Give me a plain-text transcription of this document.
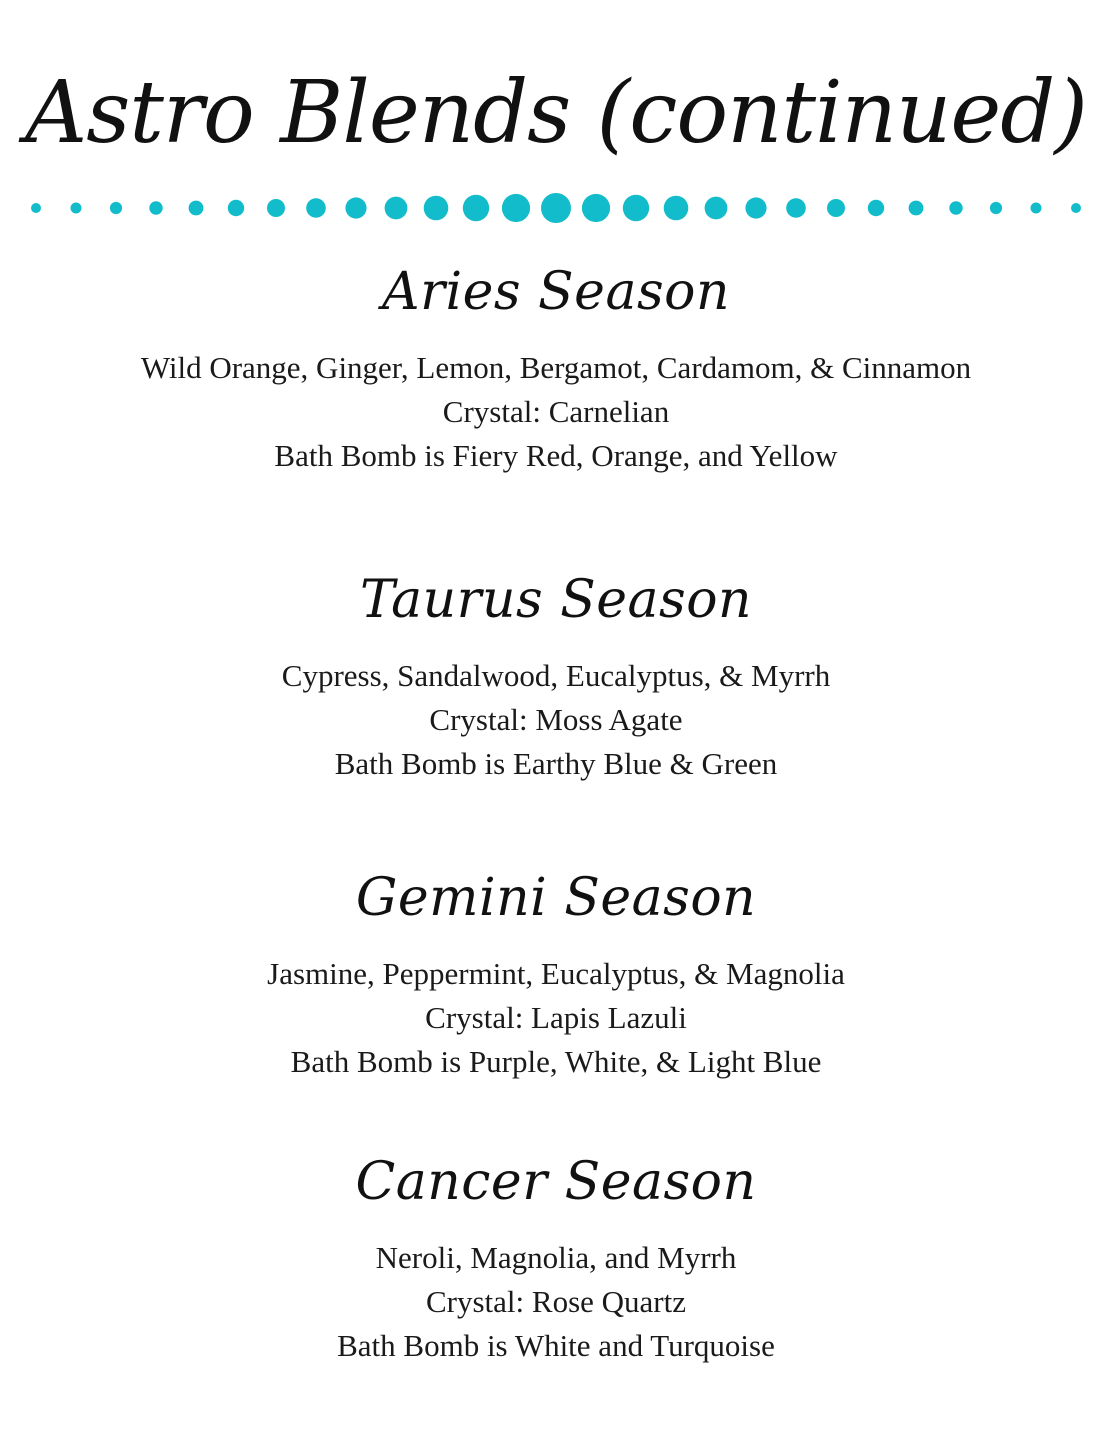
Astro Blends (continued)
Aries Season
Wild Orange, Ginger, Lemon, Bergamot, Cardamom, & Cinnamon
Crystal: Carnelian
Bath Bomb is Fiery Red, Orange, and Yellow
Taurus Season
Cypress, Sandalwood, Eucalyptus, & Myrrh
Crystal: Moss Agate
Bath Bomb is Earthy Blue & Green
Gemini Season
Jasmine, Peppermint, Eucalyptus, & Magnolia
Crystal: Lapis Lazuli
Bath Bomb is Purple, White, & Light Blue
Cancer Season
Neroli, Magnolia, and Myrrh
Crystal: Rose Quartz
Bath Bomb is White and Turquoise
